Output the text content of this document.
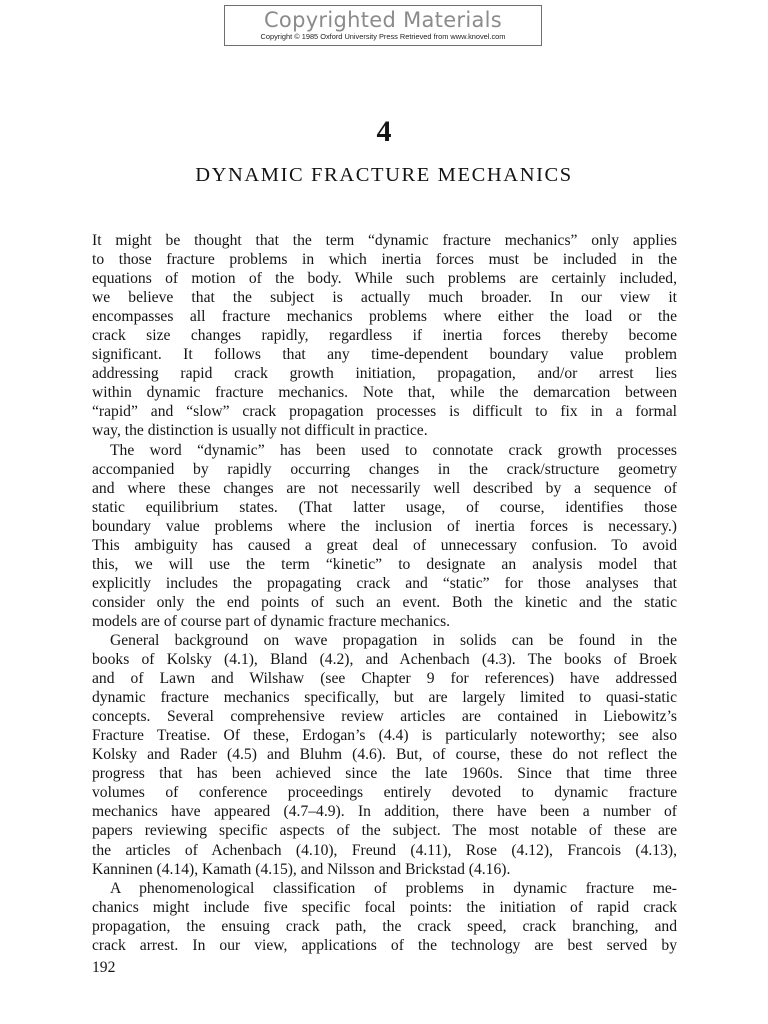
Copyrighted Materials
Copyright © 1985 Oxford University Press Retrieved from www.knovel.com
4
DYNAMIC FRACTURE MECHANICS
It might be thought that the term “dynamic fracture mechanics” only applies
to those fracture problems in which inertia forces must be included in the
equations of motion of the body. While such problems are certainly included,
we believe that the subject is actually much broader. In our view it
encompasses all fracture mechanics problems where either the load or the
crack size changes rapidly, regardless if inertia forces thereby become
significant. It follows that any time-dependent boundary value problem
addressing rapid crack growth initiation, propagation, and/or arrest lies
within dynamic fracture mechanics. Note that, while the demarcation between
“rapid” and “slow” crack propagation processes is difficult to fix in a formal
way, the distinction is usually not difficult in practice.
The word “dynamic” has been used to connotate crack growth processes
accompanied by rapidly occurring changes in the crack/structure geometry
and where these changes are not necessarily well described by a sequence of
static equilibrium states. (That latter usage, of course, identifies those
boundary value problems where the inclusion of inertia forces is necessary.)
This ambiguity has caused a great deal of unnecessary confusion. To avoid
this, we will use the term “kinetic” to designate an analysis model that
explicitly includes the propagating crack and “static” for those analyses that
consider only the end points of such an event. Both the kinetic and the static
models are of course part of dynamic fracture mechanics.
General background on wave propagation in solids can be found in the
books of Kolsky (4.1), Bland (4.2), and Achenbach (4.3). The books of Broek
and of Lawn and Wilshaw (see Chapter 9 for references) have addressed
dynamic fracture mechanics specifically, but are largely limited to quasi-static
concepts. Several comprehensive review articles are contained in Liebowitz’s
Fracture Treatise. Of these, Erdogan’s (4.4) is particularly noteworthy; see also
Kolsky and Rader (4.5) and Bluhm (4.6). But, of course, these do not reflect the
progress that has been achieved since the late 1960s. Since that time three
volumes of conference proceedings entirely devoted to dynamic fracture
mechanics have appeared (4.7–4.9). In addition, there have been a number of
papers reviewing specific aspects of the subject. The most notable of these are
the articles of Achenbach (4.10), Freund (4.11), Rose (4.12), Francois (4.13),
Kanninen (4.14), Kamath (4.15), and Nilsson and Brickstad (4.16).
A phenomenological classification of problems in dynamic fracture me-
chanics might include five specific focal points: the initiation of rapid crack
propagation, the ensuing crack path, the crack speed, crack branching, and
crack arrest. In our view, applications of the technology are best served by
192
